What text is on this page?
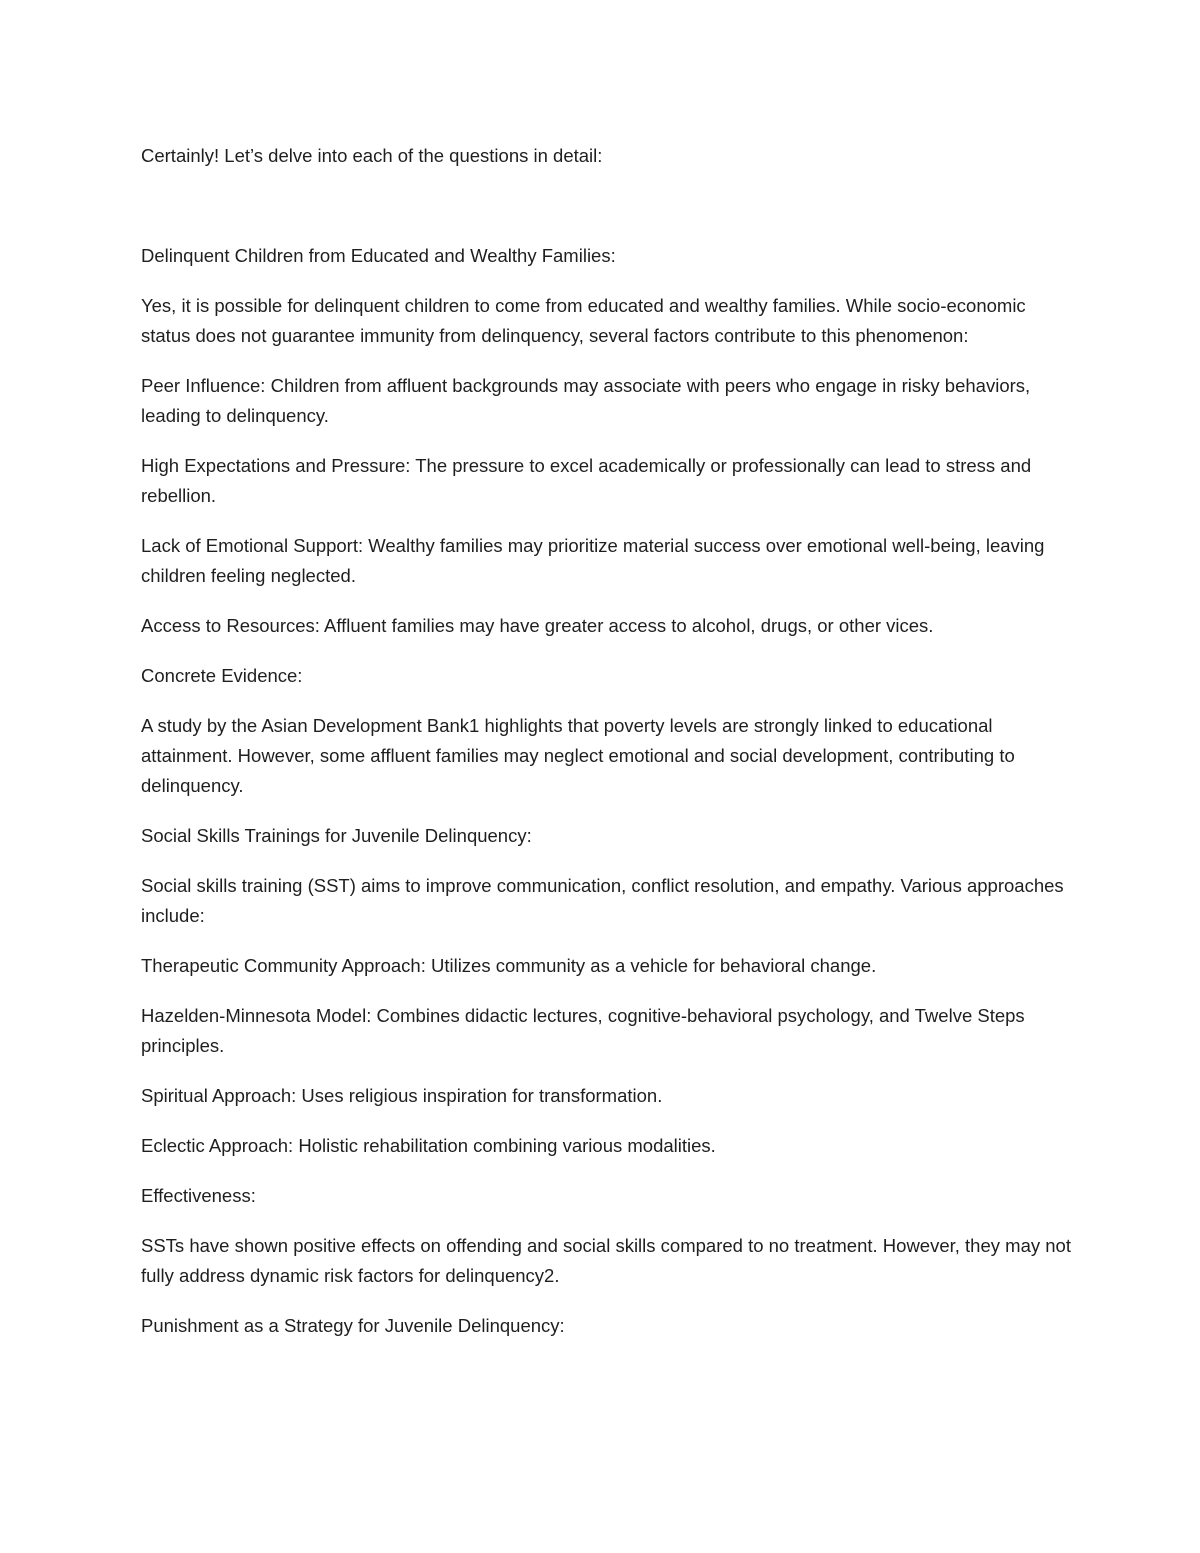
Certainly! Let’s delve into each of the questions in detail:

Delinquent Children from Educated and Wealthy Families:

Yes, it is possible for delinquent children to come from educated and wealthy families. While socio-economic status does not guarantee immunity from delinquency, several factors contribute to this phenomenon:

Peer Influence: Children from affluent backgrounds may associate with peers who engage in risky behaviors, leading to delinquency.

High Expectations and Pressure: The pressure to excel academically or professionally can lead to stress and rebellion.

Lack of Emotional Support: Wealthy families may prioritize material success over emotional well-being, leaving children feeling neglected.

Access to Resources: Affluent families may have greater access to alcohol, drugs, or other vices.

Concrete Evidence:

A study by the Asian Development Bank1 highlights that poverty levels are strongly linked to educational attainment. However, some affluent families may neglect emotional and social development, contributing to delinquency.

Social Skills Trainings for Juvenile Delinquency:

Social skills training (SST) aims to improve communication, conflict resolution, and empathy. Various approaches include:

Therapeutic Community Approach: Utilizes community as a vehicle for behavioral change.

Hazelden-Minnesota Model: Combines didactic lectures, cognitive-behavioral psychology, and Twelve Steps principles.

Spiritual Approach: Uses religious inspiration for transformation.

Eclectic Approach: Holistic rehabilitation combining various modalities.

Effectiveness:

SSTs have shown positive effects on offending and social skills compared to no treatment. However, they may not fully address dynamic risk factors for delinquency2.

Punishment as a Strategy for Juvenile Delinquency:
